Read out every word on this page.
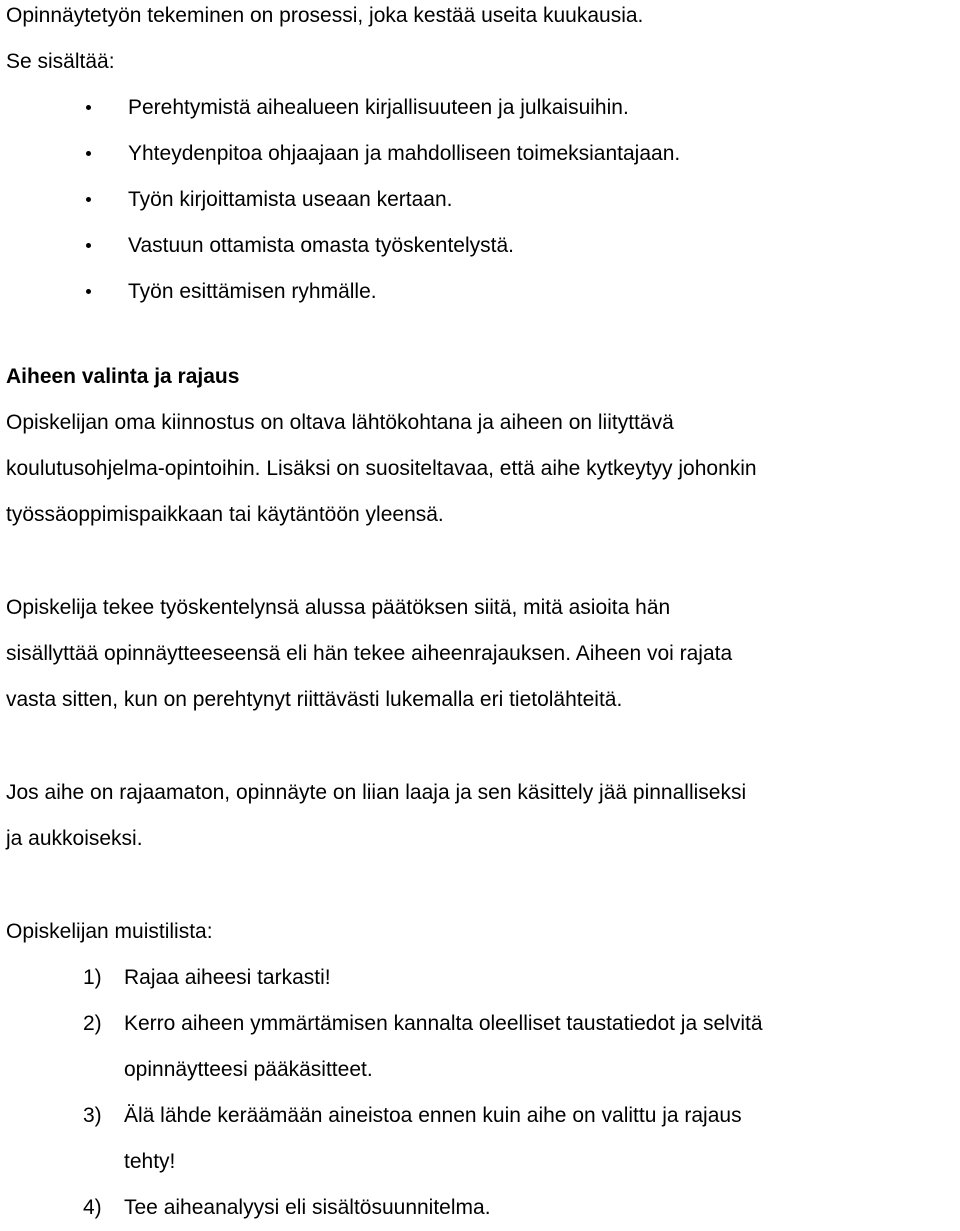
Opinnäytetyön tekeminen on prosessi, joka kestää useita kuukausia.

Se sisältää:

Perehtymistä aihealueen kirjallisuuteen ja julkaisuihin.
Yhteydenpitoa ohjaajaan ja mahdolliseen toimeksiantajaan.
Työn kirjoittamista useaan kertaan.
Vastuun ottamista omasta työskentelystä.
Työn esittämisen ryhmälle.

Aiheen valinta ja rajaus

Opiskelijan oma kiinnostus on oltava lähtökohtana ja aiheen on liityttävä

koulutusohjelma-opintoihin. Lisäksi on suositeltavaa, että aihe kytkeytyy johonkin

työssäoppimispaikkaan tai käytäntöön yleensä.

Opiskelija tekee työskentelynsä alussa päätöksen siitä, mitä asioita hän

sisällyttää opinnäytteeseensä eli hän tekee aiheenrajauksen. Aiheen voi rajata

vasta sitten, kun on perehtynyt riittävästi lukemalla eri tietolähteitä.

Jos aihe on rajaamaton, opinnäyte on liian laaja ja sen käsittely jää pinnalliseksi

ja aukkoiseksi.

Opiskelijan muistilista:

1) Rajaa aiheesi tarkasti!
2) Kerro aiheen ymmärtämisen kannalta oleelliset taustatiedot ja selvitä
opinnäytteesi pääkäsitteet.
3) Älä lähde keräämään aineistoa ennen kuin aihe on valittu ja rajaus
tehty!
4) Tee aiheanalyysi eli sisältösuunnitelma.
